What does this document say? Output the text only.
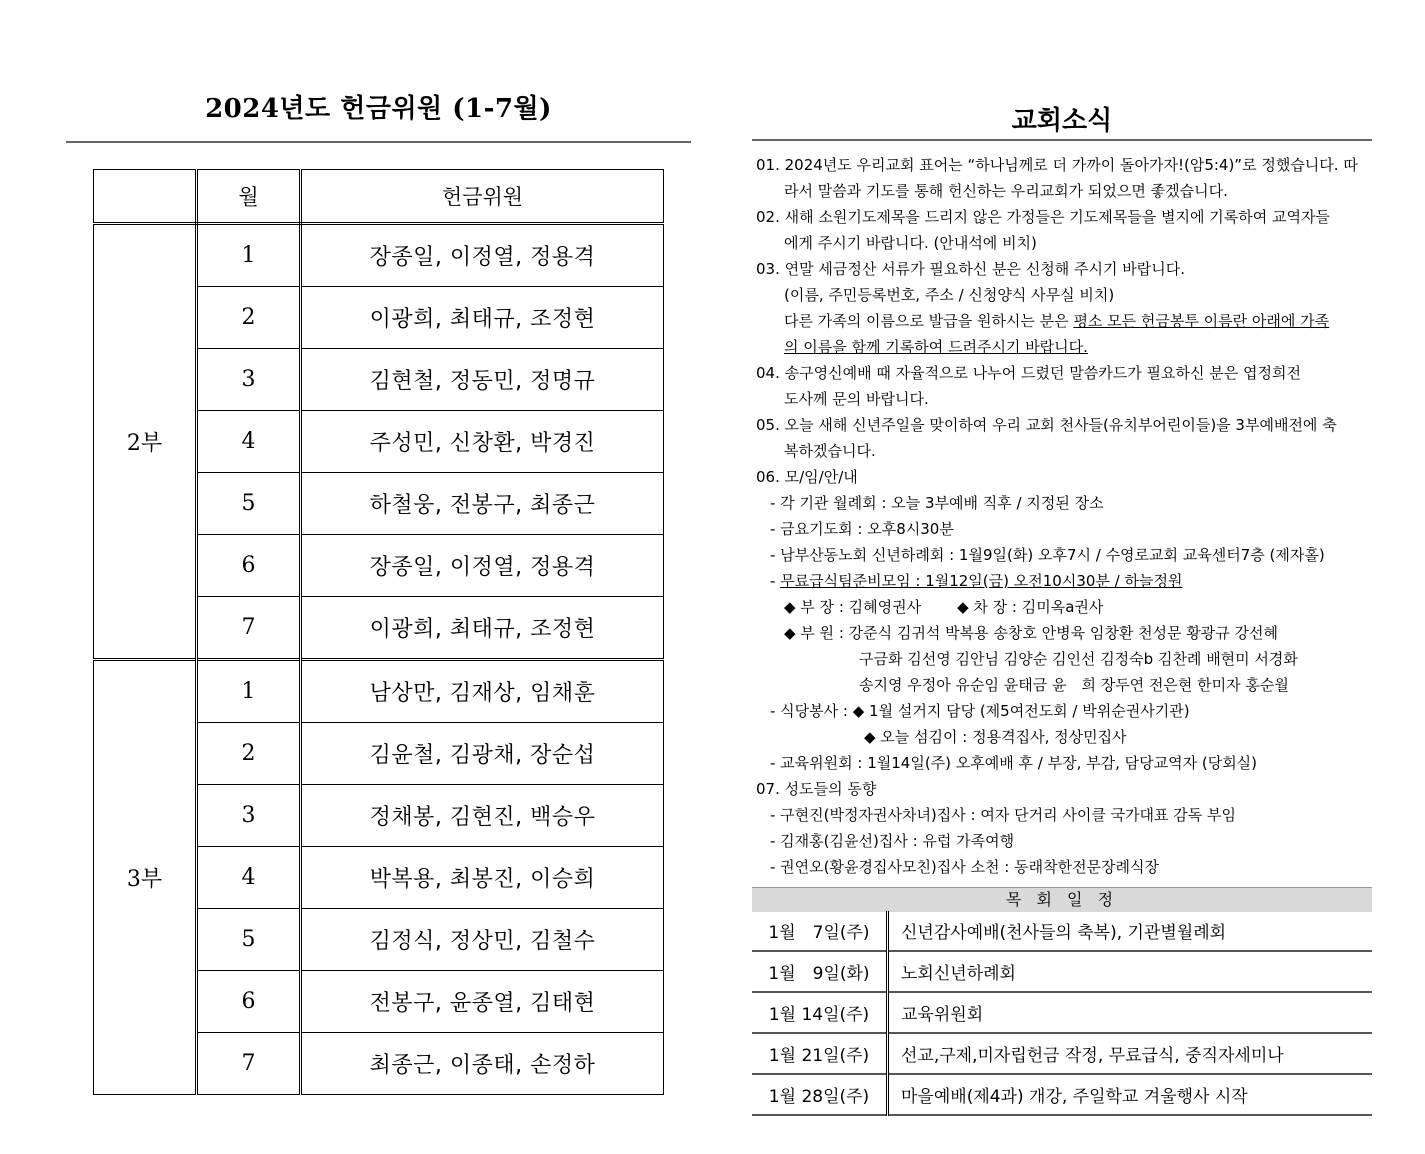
2024년도 헌금위원 (1-7월)
	월	헌금위원
2부	1	장종일, 이정열, 정용격
	2	이광희, 최태규, 조정현
	3	김현철, 정동민, 정명규
	4	주성민, 신창환, 박경진
	5	하철웅, 전봉구, 최종근
	6	장종일, 이정열, 정용격
	7	이광희, 최태규, 조정현
3부	1	남상만, 김재상, 임채훈
	2	김윤철, 김광채, 장순섭
	3	정채봉, 김현진, 백승우
	4	박복용, 최봉진, 이승희
	5	김정식, 정상민, 김철수
	6	전봉구, 윤종열, 김태현
	7	최종근, 이종태, 손정하
교회소식
01. 2024년도 우리교회 표어는 “하나님께로 더 가까이 돌아가자!(암5:4)”로 정했습니다. 따
라서 말씀과 기도를 통해 헌신하는 우리교회가 되었으면 좋겠습니다.
02. 새해 소원기도제목을 드리지 않은 가정들은 기도제목들을 별지에 기록하여 교역자들
에게 주시기 바랍니다. (안내석에 비치)
03. 연말 세금정산 서류가 필요하신 분은 신청해 주시기 바랍니다.
(이름, 주민등록번호, 주소 / 신청양식 사무실 비치)
다른 가족의 이름으로 발급을 원하시는 분은 평소 모든 헌금봉투 이름란 아래에 가족
의 이름을 함께 기록하여 드려주시기 바랍니다.
04. 송구영신예배 때 자율적으로 나누어 드렸던 말씀카드가 필요하신 분은 엽정희전
도사께 문의 바랍니다.
05. 오늘 새해 신년주일을 맞이하여 우리 교회 천사들(유치부어린이들)을 3부예배전에 축
복하겠습니다.
06. 모/임/안/내
- 각 기관 월례회 : 오늘 3부예배 직후 / 지정된 장소
- 금요기도회 : 오후8시30분
- 남부산동노회 신년하례회 : 1월9일(화) 오후7시 / 수영로교회 교육센터7층 (제자홀)
- 무료급식팀준비모임 : 1월12일(금) 오전10시30분 / 하늘정원
◆ 부 장 : 김혜영권사 ◆ 차 장 : 김미옥a권사
◆ 부 원 : 강준식 김귀석 박복용 송창호 안병육 임창환 천성문 황광규 강선혜
구금화 김선영 김안님 김양순 김인선 김정숙b 김찬례 배현미 서경화
송지영 우정아 유순임 윤태금 윤　희 장두연 전은현 한미자 홍순월
- 식당봉사 : ◆ 1월 설거지 담당 (제5여전도회 / 박위순권사기관)
◆ 오늘 섬김이 : 정용격집사, 정상민집사
- 교육위원회 : 1월14일(주) 오후예배 후 / 부장, 부감, 담당교역자 (당회실)
07. 성도들의 동향
- 구현진(박정자권사차녀)집사 : 여자 단거리 사이클 국가대표 감독 부임
- 김재홍(김윤선)집사 : 유럽 가족여행
- 권연오(황윤경집사모친)집사 소천 : 동래착한전문장례식장
목 회 일 정
1월　7일(주)	신년감사예배(천사들의 축복), 기관별월례회
1월　9일(화)	노회신년하례회
1월 14일(주)	교육위원회
1월 21일(주)	선교,구제,미자립헌금 작정, 무료급식, 중직자세미나
1월 28일(주)	마을예배(제4과) 개강, 주일학교 겨울행사 시작
